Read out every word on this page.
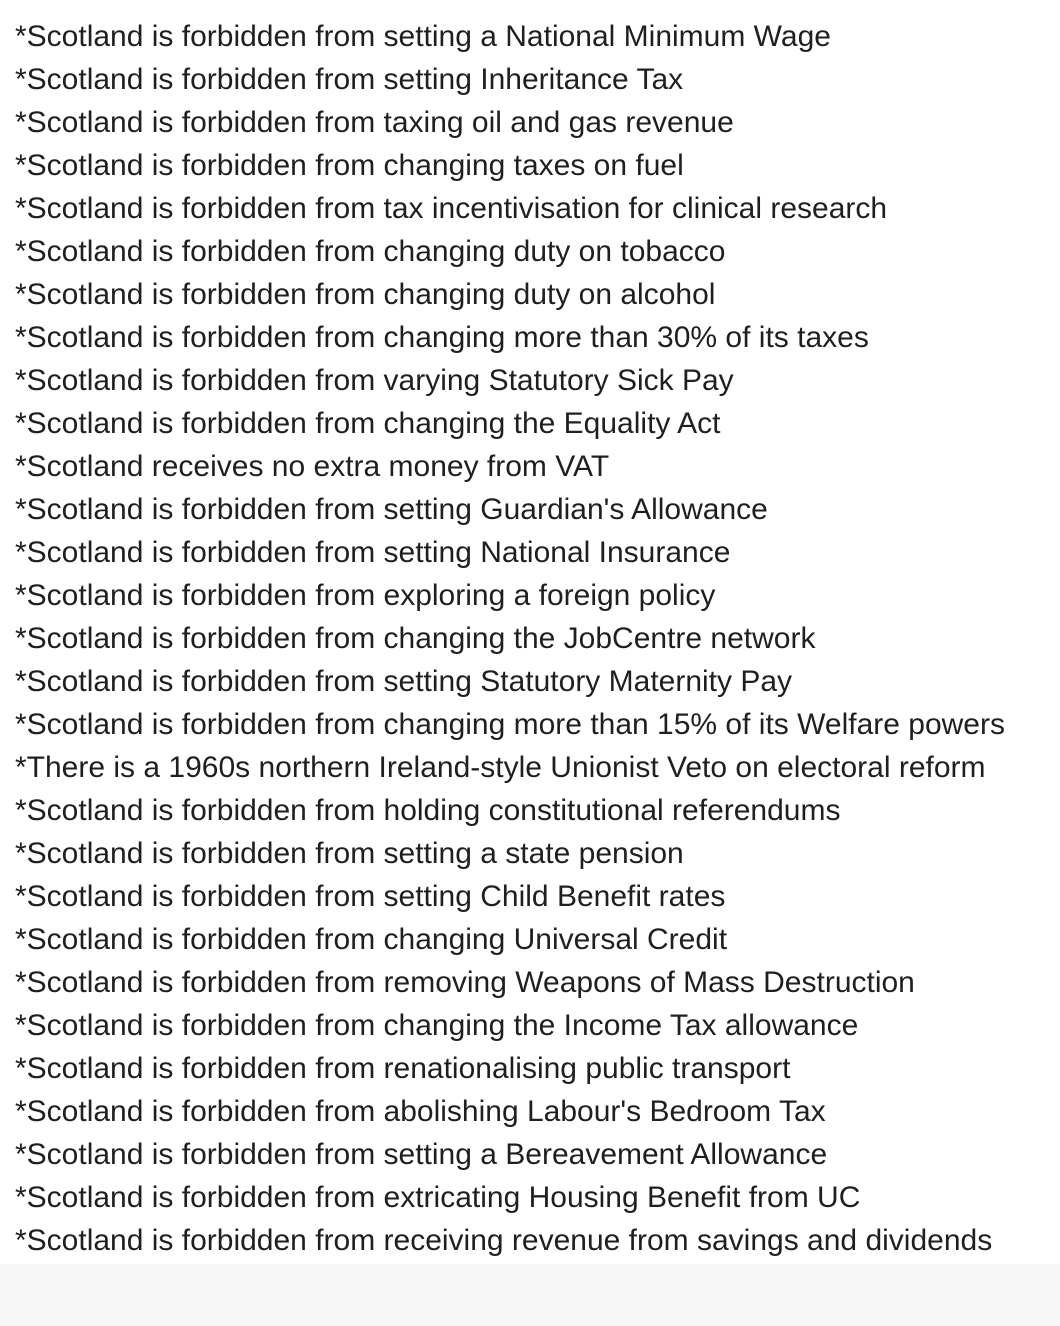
*Scotland is forbidden from setting a National Minimum Wage
*Scotland is forbidden from setting Inheritance Tax
*Scotland is forbidden from taxing oil and gas revenue
*Scotland is forbidden from changing taxes on fuel
*Scotland is forbidden from tax incentivisation for clinical research
*Scotland is forbidden from changing duty on tobacco
*Scotland is forbidden from changing duty on alcohol
*Scotland is forbidden from changing more than 30% of its taxes
*Scotland is forbidden from varying Statutory Sick Pay
*Scotland is forbidden from changing the Equality Act
*Scotland receives no extra money from VAT
*Scotland is forbidden from setting Guardian's Allowance
*Scotland is forbidden from setting National Insurance
*Scotland is forbidden from exploring a foreign policy
*Scotland is forbidden from changing the JobCentre network
*Scotland is forbidden from setting Statutory Maternity Pay
*Scotland is forbidden from changing more than 15% of its Welfare powers
*There is a 1960s northern Ireland-style Unionist Veto on electoral reform
*Scotland is forbidden from holding constitutional referendums
*Scotland is forbidden from setting a state pension
*Scotland is forbidden from setting Child Benefit rates
*Scotland is forbidden from changing Universal Credit
*Scotland is forbidden from removing Weapons of Mass Destruction
*Scotland is forbidden from changing the Income Tax allowance
*Scotland is forbidden from renationalising public transport
*Scotland is forbidden from abolishing Labour's Bedroom Tax
*Scotland is forbidden from setting a Bereavement Allowance
*Scotland is forbidden from extricating Housing Benefit from UC
*Scotland is forbidden from receiving revenue from savings and dividends
